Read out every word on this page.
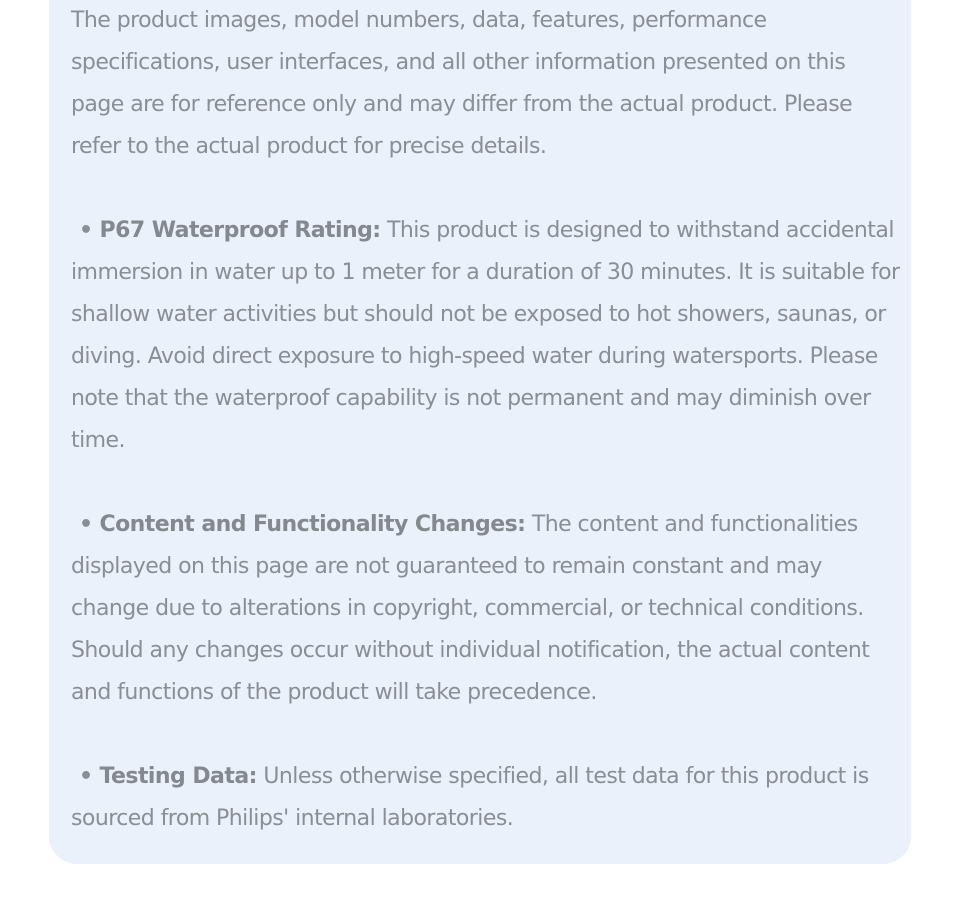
The product images, model numbers, data, features, performance specifications, user interfaces, and all other information presented on this page are for reference only and may differ from the actual product. Please refer to the actual product for precise details.

• P67 Waterproof Rating: This product is designed to withstand accidental immersion in water up to 1 meter for a duration of 30 minutes. It is suitable for shallow water activities but should not be exposed to hot showers, saunas, or diving. Avoid direct exposure to high-speed water during watersports. Please note that the waterproof capability is not permanent and may diminish over time.

• Content and Functionality Changes: The content and functionalities displayed on this page are not guaranteed to remain constant and may change due to alterations in copyright, commercial, or technical conditions. Should any changes occur without individual notification, the actual content and functions of the product will take precedence.

• Testing Data: Unless otherwise specified, all test data for this product is sourced from Philips' internal laboratories.
